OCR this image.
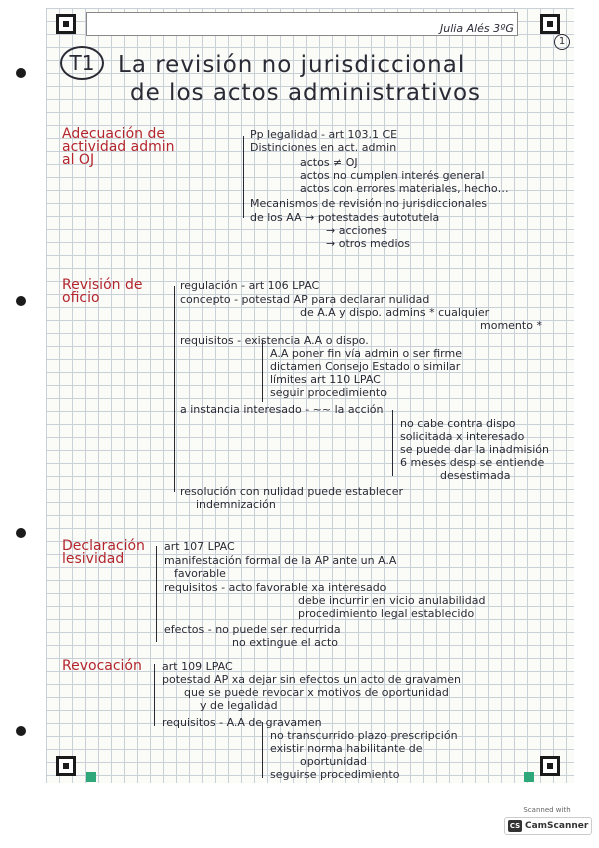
Julia Alés 3ºG
1
T1	La revisión no jurisdiccional
de los actos administrativos
Adecuación de
actividad admin
al OJ
Pp legalidad - art 103.1 CE
Distinciones en act. admin
actos ≠ OJ
actos no cumplen interés general
actos con errores materiales, hecho…
Mecanismos de revisión no jurisdiccionales
de los AA → potestades autotutela
→ acciones
→ otros medios
Revisión de
oficio
regulación - art 106 LPAC
concepto - potestad AP para declarar nulidad
de A.A y dispo. admins * cualquier
momento *
requisitos - existencia A.A o dispo.
A.A poner fin vía admin o ser firme
dictamen Consejo Estado o similar
límites art 110 LPAC
seguir procedimiento
a instancia interesado - ~~ la acción
no cabe contra dispo
solicitada x interesado
se puede dar la inadmisión
6 meses desp se entiende
desestimada
resolución con nulidad puede establecer
indemnización
Declaración
lesividad
art 107 LPAC
manifestación formal de la AP ante un A.A
favorable
requisitos - acto favorable xa interesado
debe incurrir en vicio anulabilidad
procedimiento legal establecido
efectos - no puede ser recurrida
no extingue el acto
Revocación art 109 LPAC
potestad AP xa dejar sin efectos un acto de gravamen
que se puede revocar x motivos de oportunidad
y de legalidad
requisitos - A.A de gravamen
no transcurrido plazo prescripción
existir norma habilitante de
oportunidad
seguirse procedimiento
Scanned with
CS CamScanner
